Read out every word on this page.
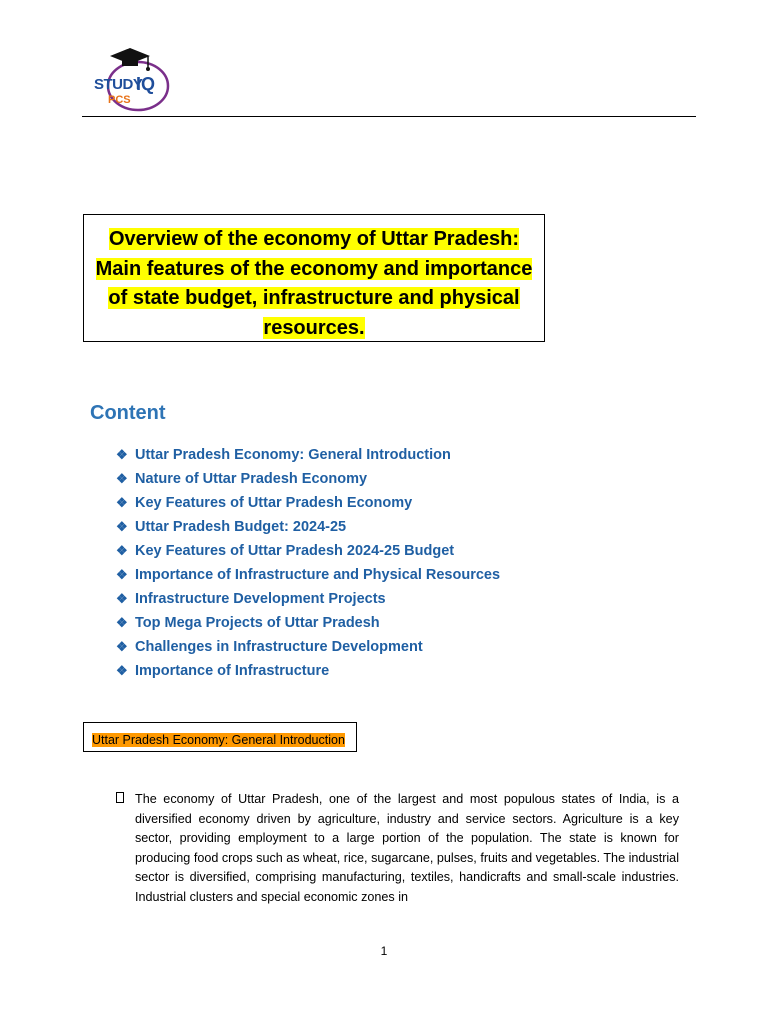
STUDY
IQ
PCS
Overview of the economy of Uttar Pradesh:
Main features of the economy and importance
of state budget, infrastructure and physical
resources.
Content
❖ Uttar Pradesh Economy: General Introduction
❖ Nature of Uttar Pradesh Economy
❖ Key Features of Uttar Pradesh Economy
❖ Uttar Pradesh Budget: 2024-25
❖ Key Features of Uttar Pradesh 2024-25 Budget
❖ Importance of Infrastructure and Physical Resources
❖ Infrastructure Development Projects
❖ Top Mega Projects of Uttar Pradesh
❖ Challenges in Infrastructure Development
❖ Importance of Infrastructure
Uttar Pradesh Economy: General Introduction

The economy of Uttar Pradesh, one of the largest and most populous states of India, is a diversified economy driven by agriculture, industry and service sectors. Agriculture is a key sector, providing employment to a large portion of the population. The state is known for producing food crops such as wheat, rice, sugarcane, pulses, fruits and vegetables. The industrial sector is diversified, comprising manufacturing, textiles, handicrafts and small-scale industries. Industrial clusters and special economic zones in

1
